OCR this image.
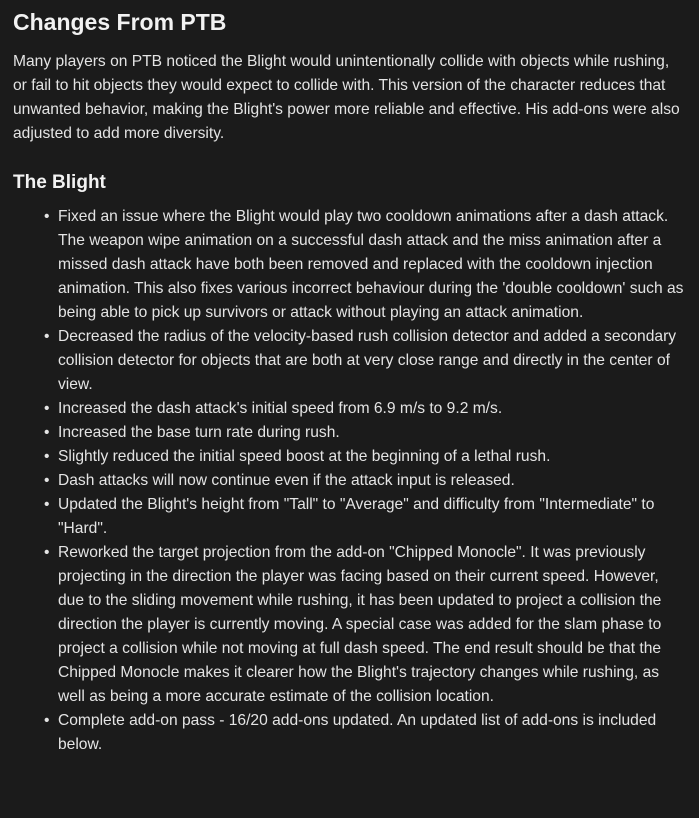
Changes From PTB

Many players on PTB noticed the Blight would unintentionally collide with objects while rushing, or fail to hit objects they would expect to collide with. This version of the character reduces that unwanted behavior, making the Blight's power more reliable and effective. His add-ons were also adjusted to add more diversity.

The Blight
• Fixed an issue where the Blight would play two cooldown animations after a dash attack. The weapon wipe animation on a successful dash attack and the miss animation after a missed dash attack have both been removed and replaced with the cooldown injection animation. This also fixes various incorrect behaviour during the 'double cooldown' such as being able to pick up survivors or attack without playing an attack animation.
• Decreased the radius of the velocity-based rush collision detector and added a secondary collision detector for objects that are both at very close range and directly in the center of view.
• Increased the dash attack's initial speed from 6.9 m/s to 9.2 m/s.
• Increased the base turn rate during rush.
• Slightly reduced the initial speed boost at the beginning of a lethal rush.
• Dash attacks will now continue even if the attack input is released.
• Updated the Blight's height from "Tall" to "Average" and difficulty from "Intermediate" to "Hard".
• Reworked the target projection from the add-on "Chipped Monocle". It was previously projecting in the direction the player was facing based on their current speed. However, due to the sliding movement while rushing, it has been updated to project a collision the direction the player is currently moving. A special case was added for the slam phase to project a collision while not moving at full dash speed. The end result should be that the Chipped Monocle makes it clearer how the Blight's trajectory changes while rushing, as well as being a more accurate estimate of the collision location.
• Complete add-on pass - 16/20 add-ons updated. An updated list of add-ons is included below.
